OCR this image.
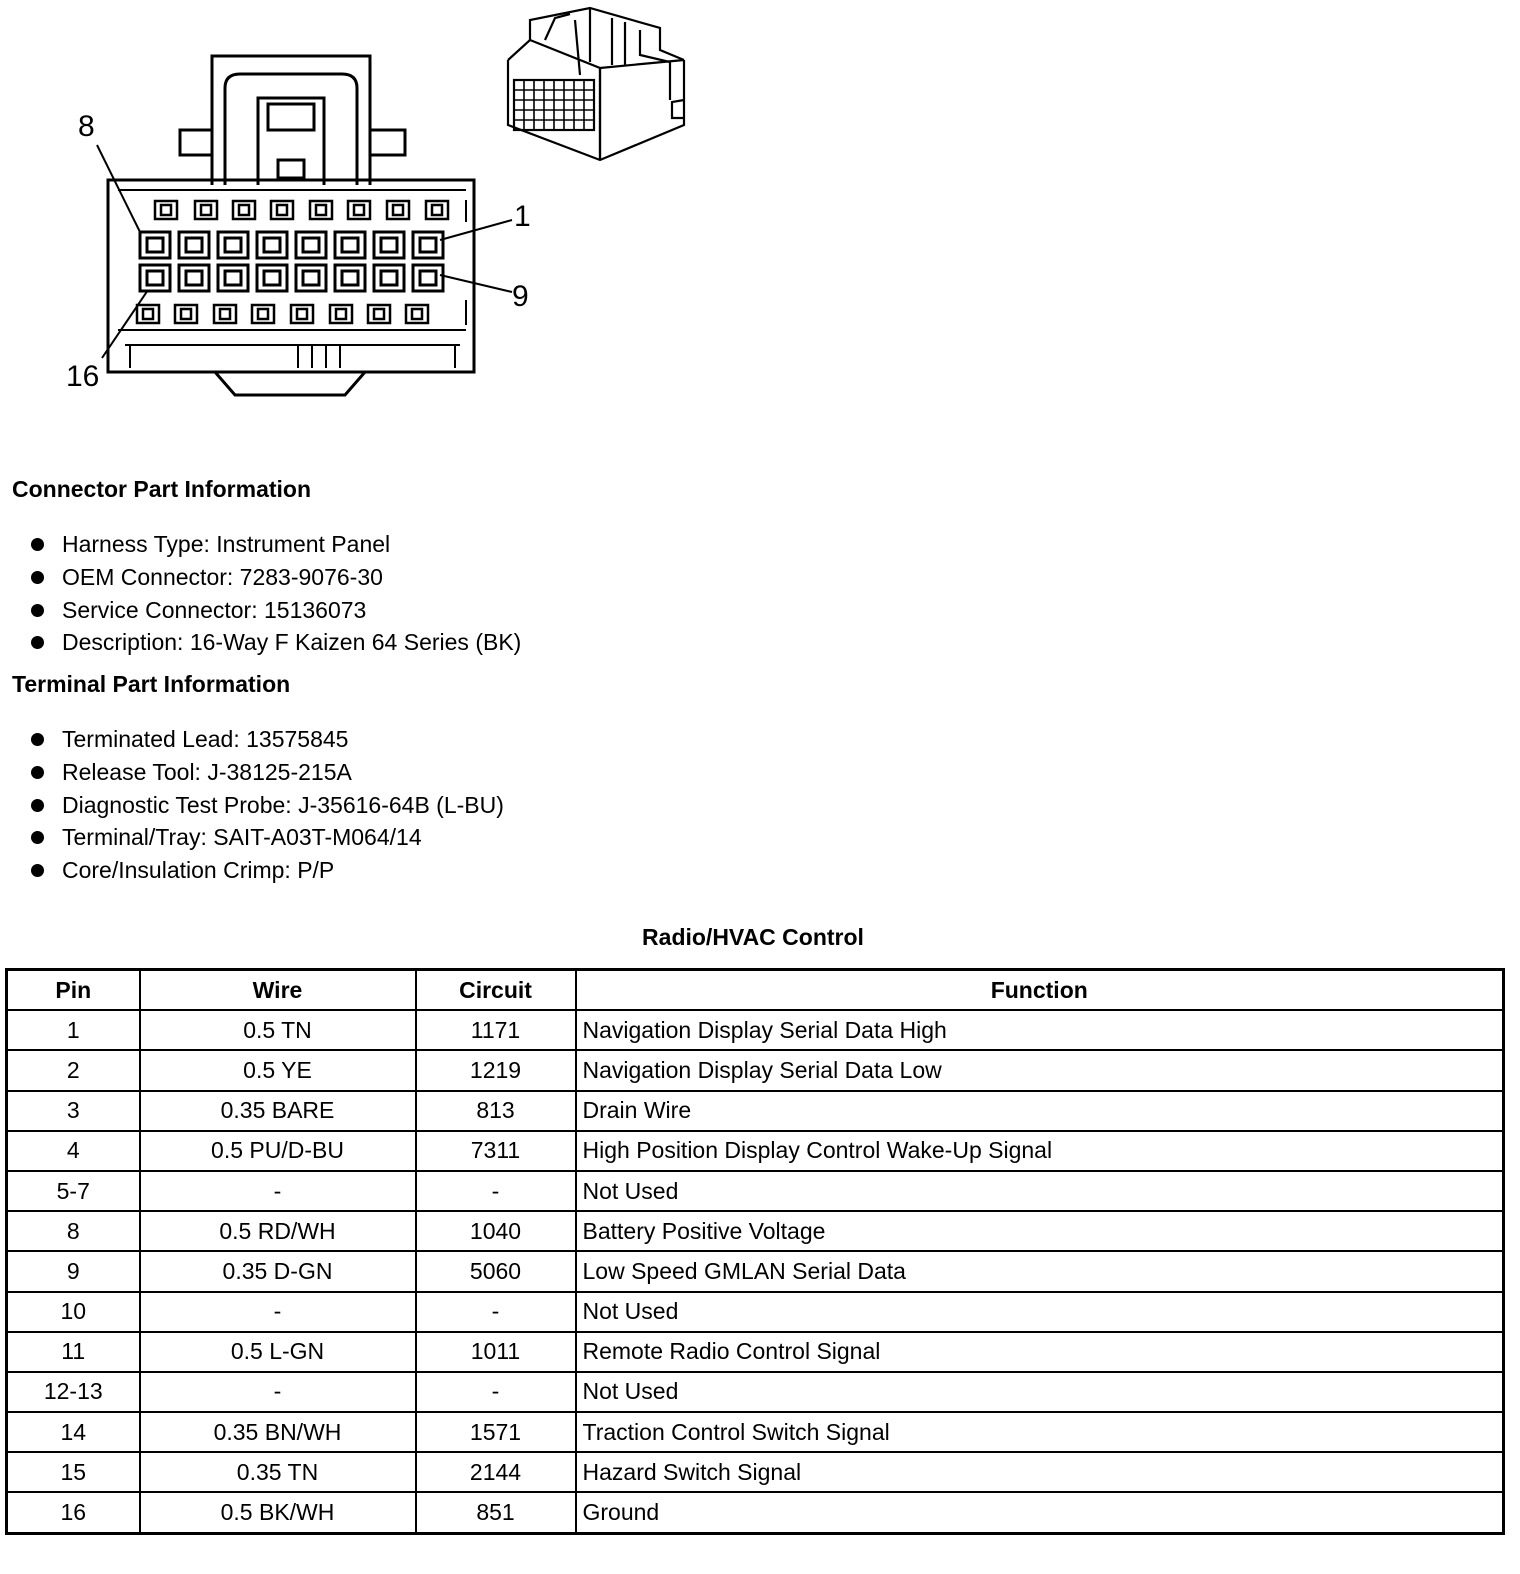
8
1
9
16
Connector Part Information
Harness Type: Instrument Panel
OEM Connector: 7283-9076-30
Service Connector: 15136073
Description: 16-Way F Kaizen 64 Series (BK)
Terminal Part Information
Terminated Lead: 13575845
Release Tool: J-38125-215A
Diagnostic Test Probe: J-35616-64B (L-BU)
Terminal/Tray: SAIT-A03T-M064/14
Core/Insulation Crimp: P/P
Radio/HVAC Control
Pin	Wire	Circuit	Function
1	0.5 TN	1171	Navigation Display Serial Data High
2	0.5 YE	1219	Navigation Display Serial Data Low
3	0.35 BARE	813	Drain Wire
4	0.5 PU/D-BU	7311	High Position Display Control Wake-Up Signal
5-7	-	-	Not Used
8	0.5 RD/WH	1040	Battery Positive Voltage
9	0.35 D-GN	5060	Low Speed GMLAN Serial Data
10	-	-	Not Used
11	0.5 L-GN	1011	Remote Radio Control Signal
12-13	-	-	Not Used
14	0.35 BN/WH	1571	Traction Control Switch Signal
15	0.35 TN	2144	Hazard Switch Signal
16	0.5 BK/WH	851	Ground
